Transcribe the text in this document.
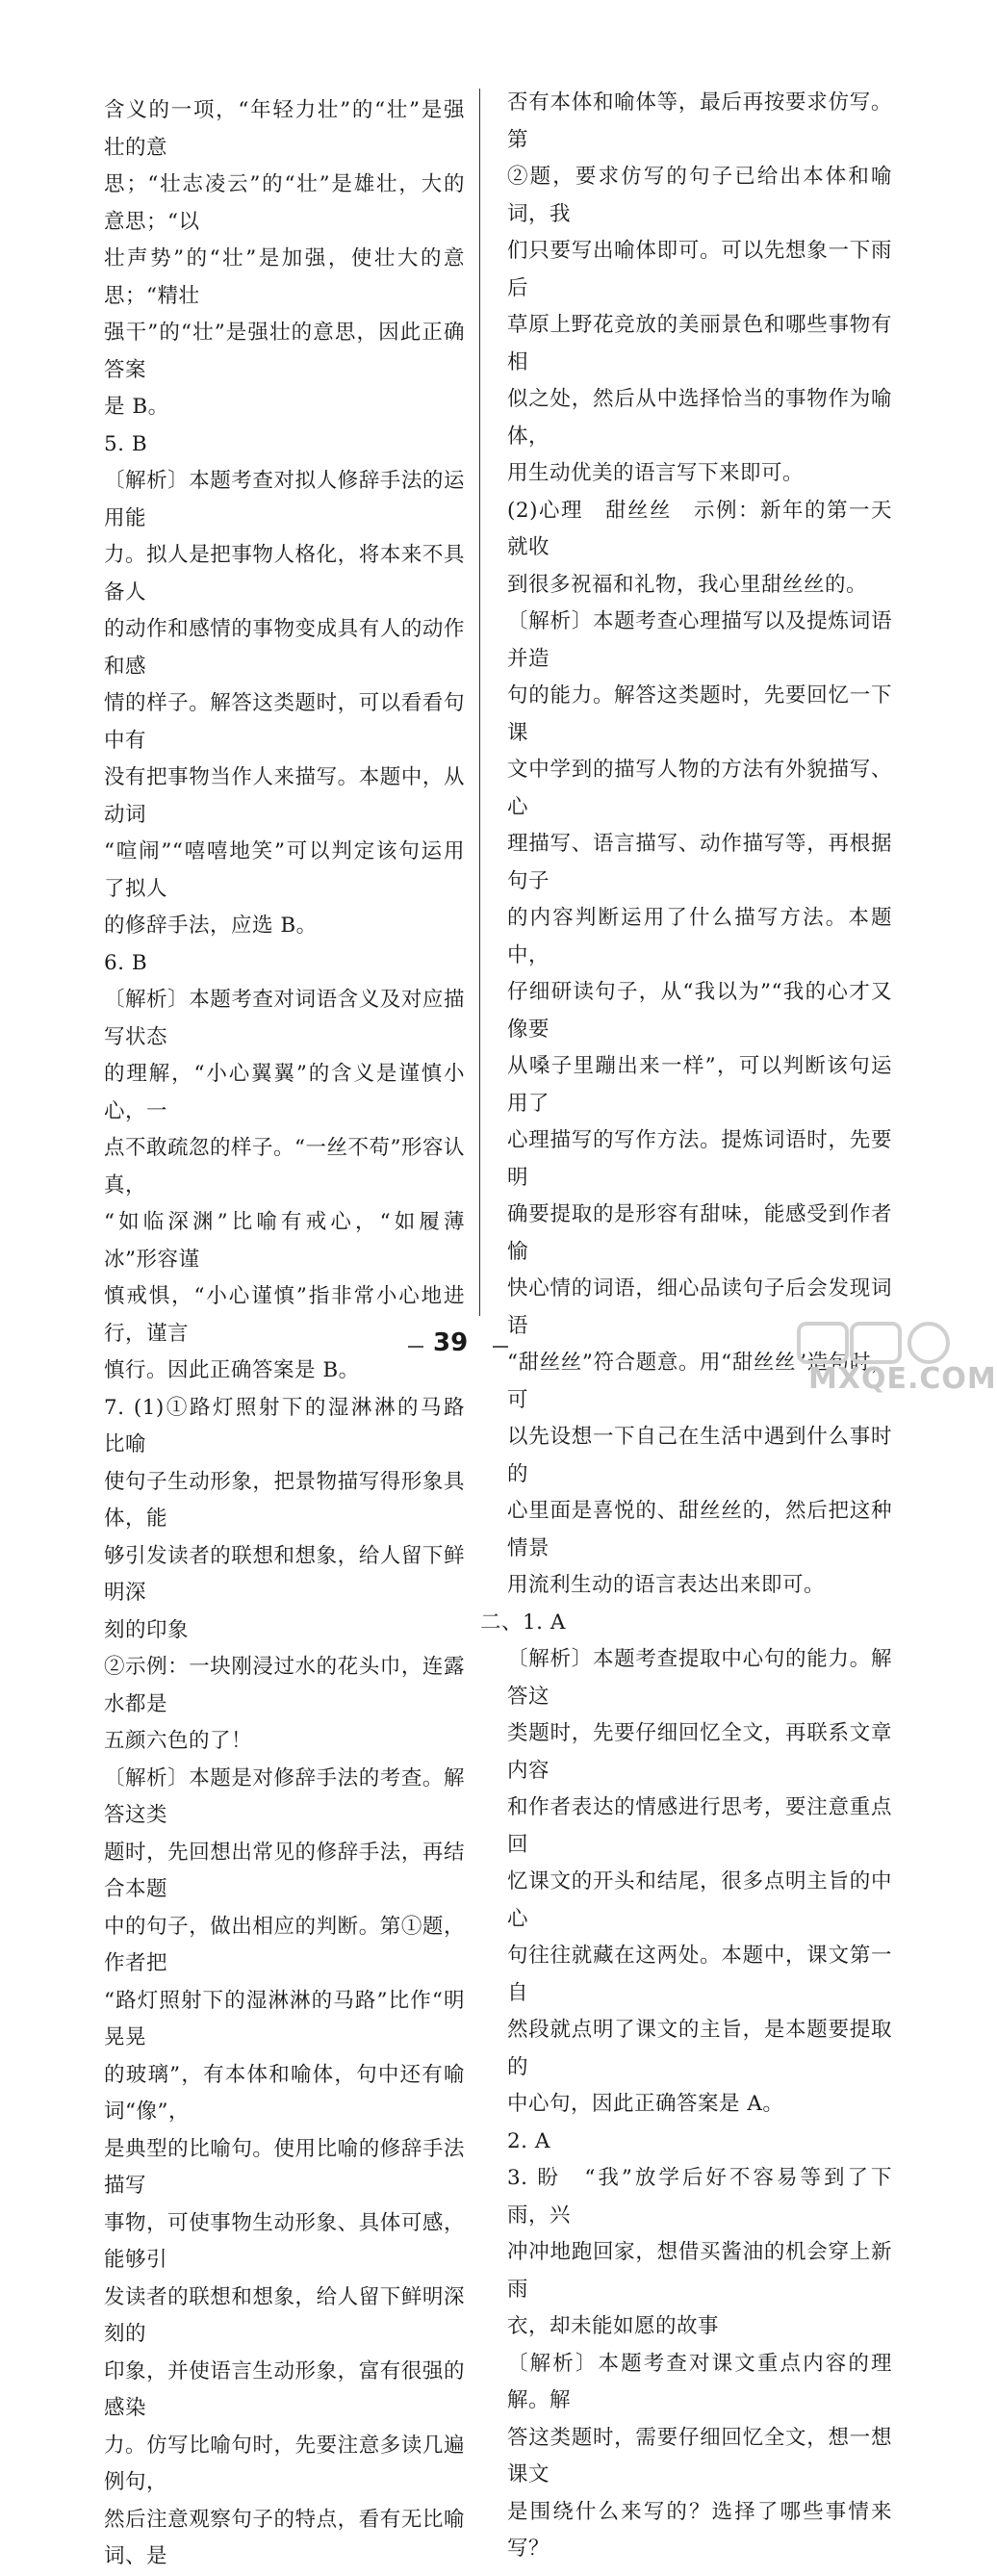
含义的一项，“年轻力壮”的“壮”是强壮的意

思；“壮志凌云”的“壮”是雄壮，大的意思；“以

壮声势”的“壮”是加强，使壮大的意思；“精壮

强干”的“壮”是强壮的意思，因此正确答案

是 B。

5. B

〔解析〕本题考查对拟人修辞手法的运用能

力。拟人是把事物人格化，将本来不具备人

的动作和感情的事物变成具有人的动作和感

情的样子。解答这类题时，可以看看句中有

没有把事物当作人来描写。本题中，从动词

“喧闹”“嘻嘻地笑”可以判定该句运用了拟人

的修辞手法，应选 B。

6. B

〔解析〕本题考查对词语含义及对应描写状态

的理解，“小心翼翼”的含义是谨慎小心，一

点不敢疏忽的样子。“一丝不苟”形容认真，

“如临深渊”比喻有戒心，“如履薄冰”形容谨

慎戒惧，“小心谨慎”指非常小心地进行，谨言

慎行。因此正确答案是 B。

7. (1)①路灯照射下的湿淋淋的马路　比喻

使句子生动形象，把景物描写得形象具体，能

够引发读者的联想和想象，给人留下鲜明深

刻的印象

②示例：一块刚浸过水的花头巾，连露水都是

五颜六色的了！

〔解析〕本题是对修辞手法的考查。解答这类

题时，先回想出常见的修辞手法，再结合本题

中的句子，做出相应的判断。第①题，作者把

“路灯照射下的湿淋淋的马路”比作“明晃晃

的玻璃”，有本体和喻体，句中还有喻词“像”，

是典型的比喻句。使用比喻的修辞手法描写

事物，可使事物生动形象、具体可感，能够引

发读者的联想和想象，给人留下鲜明深刻的

印象，并使语言生动形象，富有很强的感染

力。仿写比喻句时，先要注意多读几遍例句，

然后注意观察句子的特点，看有无比喻词、是

否有本体和喻体等，最后再按要求仿写。第

②题，要求仿写的句子已给出本体和喻词，我

们只要写出喻体即可。可以先想象一下雨后

草原上野花竞放的美丽景色和哪些事物有相

似之处，然后从中选择恰当的事物作为喻体，

用生动优美的语言写下来即可。

(2)心理　甜丝丝　示例：新年的第一天就收

到很多祝福和礼物，我心里甜丝丝的。

〔解析〕本题考查心理描写以及提炼词语并造

句的能力。解答这类题时，先要回忆一下课

文中学到的描写人物的方法有外貌描写、心

理描写、语言描写、动作描写等，再根据句子

的内容判断运用了什么描写方法。本题中，

仔细研读句子，从“我以为”“我的心才又像要

从嗓子里蹦出来一样”，可以判断该句运用了

心理描写的写作方法。提炼词语时，先要明

确要提取的是形容有甜味，能感受到作者愉

快心情的词语，细心品读句子后会发现词语

“甜丝丝”符合题意。用“甜丝丝”造句时，可

以先设想一下自己在生活中遇到什么事时的

心里面是喜悦的、甜丝丝的，然后把这种情景

用流利生动的语言表达出来即可。

二、1. A

〔解析〕本题考查提取中心句的能力。解答这

类题时，先要仔细回忆全文，再联系文章内容

和作者表达的情感进行思考，要注意重点回

忆课文的开头和结尾，很多点明主旨的中心

句往往就藏在这两处。本题中，课文第一自

然段就点明了课文的主旨，是本题要提取的

中心句，因此正确答案是 A。

2. A

3. 盼　“我”放学后好不容易等到了下雨，兴

冲冲地跑回家，想借买酱油的机会穿上新雨

衣，却未能如愿的故事

〔解析〕本题考查对课文重点内容的理解。解

答这类题时，需要仔细回忆全文，想一想课文

是围绕什么来写的？选择了哪些事情来写？

39
MXQE.COM
